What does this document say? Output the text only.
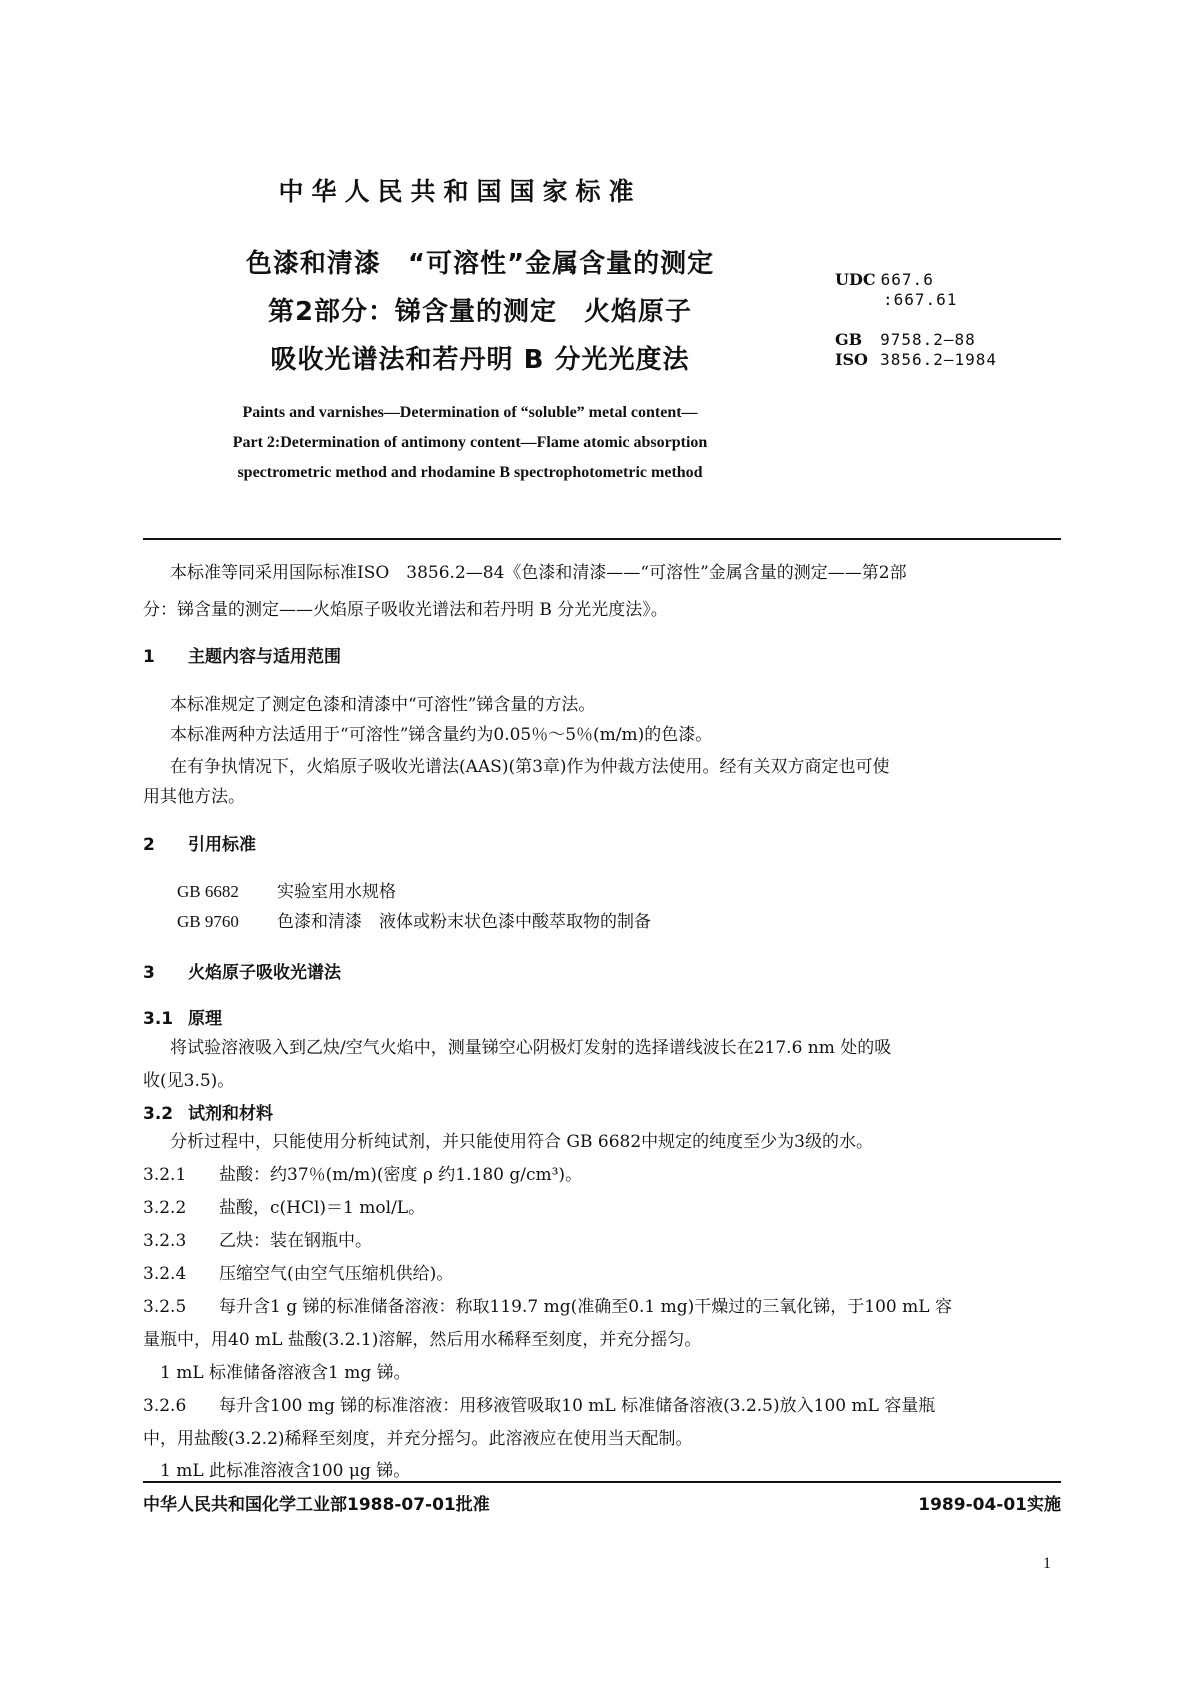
中华人民共和国国家标准
色漆和清漆　“可溶性”金属含量的测定
第2部分：锑含量的测定　火焰原子
吸收光谱法和若丹明 B 分光光度法
UDC 667.6
:667.61
GB 9758.2—88
ISO 3856.2—1984
Paints and varnishes—Determination of “soluble” metal content—
Part 2:Determination of antimony content—Flame atomic absorption
spectrometric method and rhodamine B spectrophotometric method
本标准等同采用国际标准ISO　3856.2—84《色漆和清漆——“可溶性”金属含量的测定——第2部
分：锑含量的测定——火焰原子吸收光谱法和若丹明 B 分光光度法》。
1 主题内容与适用范围
本标准规定了测定色漆和清漆中“可溶性”锑含量的方法。
本标准两种方法适用于“可溶性”锑含量约为0.05％～5％(m/m)的色漆。
在有争执情况下，火焰原子吸收光谱法(AAS)(第3章)作为仲裁方法使用。经有关双方商定也可使
用其他方法。
2 引用标准
GB 6682 实验室用水规格
GB 9760 色漆和清漆　液体或粉末状色漆中酸萃取物的制备
3 火焰原子吸收光谱法
3.1 原理
将试验溶液吸入到乙炔/空气火焰中，测量锑空心阴极灯发射的选择谱线波长在217.6 nm 处的吸
收(见3.5)。
3.2 试剂和材料
分析过程中，只能使用分析纯试剂，并只能使用符合 GB 6682中规定的纯度至少为3级的水。
3.2.1 盐酸：约37％(m/m)(密度 ρ 约1.180 g/cm³)。
3.2.2 盐酸，c(HCl)＝1 mol/L。
3.2.3 乙炔：装在钢瓶中。
3.2.4 压缩空气(由空气压缩机供给)。
3.2.5 每升含1 g 锑的标准储备溶液：称取119.7 mg(准确至0.1 mg)干燥过的三氧化锑，于100 mL 容
量瓶中，用40 mL 盐酸(3.2.1)溶解，然后用水稀释至刻度，并充分摇匀。
1 mL 标准储备溶液含1 mg 锑。
3.2.6 每升含100 mg 锑的标准溶液：用移液管吸取10 mL 标准储备溶液(3.2.5)放入100 mL 容量瓶
中，用盐酸(3.2.2)稀释至刻度，并充分摇匀。此溶液应在使用当天配制。
1 mL 此标准溶液含100 μg 锑。
中华人民共和国化学工业部1988-07-01批准	1989-04-01实施
1
